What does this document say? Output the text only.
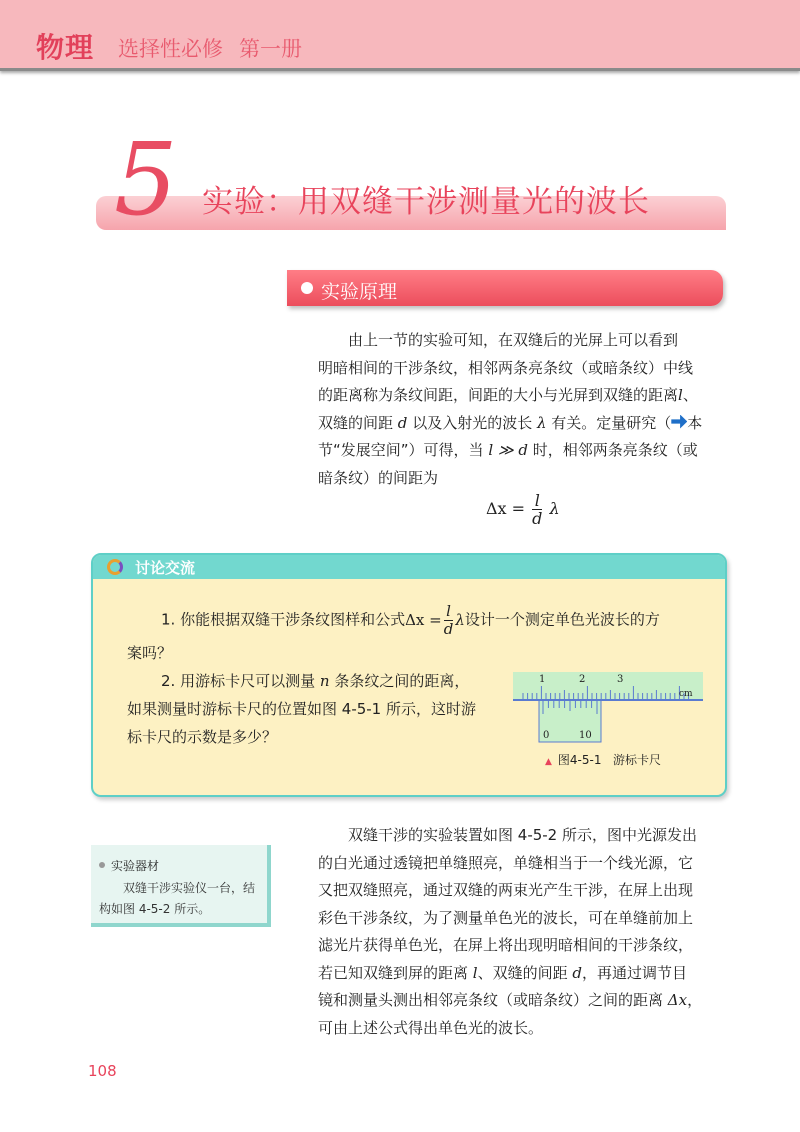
物理 选择性必修 第一册
5 实验：用双缝干涉测量光的波长
实验原理

由上一节的实验可知，在双缝后的光屏上可以看到

明暗相间的干涉条纹，相邻两条亮条纹（或暗条纹）中线

的距离称为条纹间距，间距的大小与光屏到双缝的距离l、

双缝的间距 d 以及入射光的波长 λ 有关。定量研究（ 本

节“发展空间”）可得，当 l ≫ d 时，相邻两条亮条纹（或

暗条纹）的间距为

$\Delta x = \frac{l}{d}$ λ
讨论交流
1. 你能根据双缝干涉条纹图样和公式$\Delta x = \frac{l}{d}$ λ设计一个测定单色光波长的方
案吗？
2. 用游标卡尺可以测量 n 条条纹之间的距离，
如果测量时游标卡尺的位置如图 4-5-1 所示，这时游
标卡尺的示数是多少？
1	2	3
cm
0	10
▲ 图4-5-1 游标卡尺
实验器材
双缝干涉实验仪一台，结构如图 4-5-2 所示。

双缝干涉的实验装置如图 4-5-2 所示，图中光源发出

的白光通过透镜把单缝照亮，单缝相当于一个线光源，它

又把双缝照亮，通过双缝的两束光产生干涉，在屏上出现

彩色干涉条纹，为了测量单色光的波长，可在单缝前加上

滤光片获得单色光，在屏上将出现明暗相间的干涉条纹，

若已知双缝到屏的距离 l、双缝的间距 d，再通过调节目

镜和测量头测出相邻亮条纹（或暗条纹）之间的距离 Δx，

可由上述公式得出单色光的波长。

108
